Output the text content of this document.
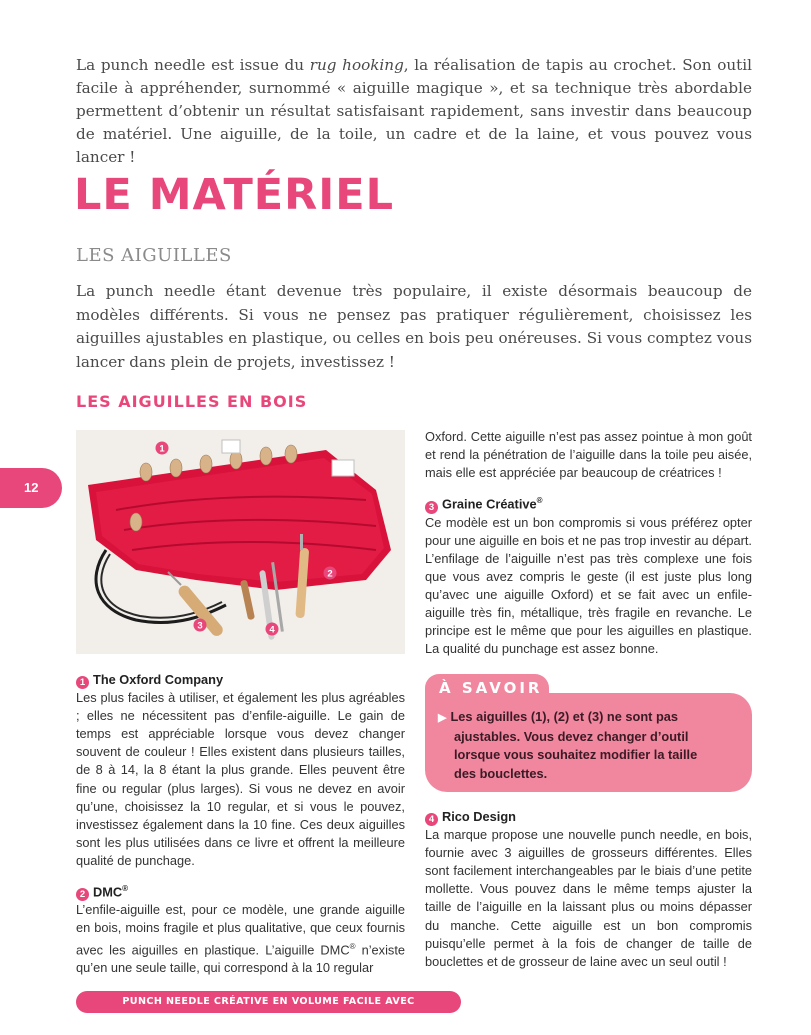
La punch needle est issue du rug hooking, la réalisation de tapis au crochet. Son outil facile à appréhender, surnommé « aiguille magique », et sa technique très abordable permettent d’obtenir un résultat satisfaisant rapidement, sans investir dans beaucoup de matériel. Une aiguille, de la toile, un cadre et de la laine, et vous pouvez vous lancer !

LE MATÉRIEL
LES AIGUILLES

La punch needle étant devenue très populaire, il existe désormais beaucoup de modèles différents. Si vous ne pensez pas pratiquer régulièrement, choisissez les aiguilles ajustables en plastique, ou celles en bois peu onéreuses. Si vous comptez vous lancer dans plein de projets, investissez !

LES AIGUILLES EN BOIS
12
1
2
3	4

1 The Oxford Company

Les plus faciles à utiliser, et également les plus agréables ; elles ne nécessitent pas d’enfile-aiguille. Le gain de temps est appréciable lorsque vous devez changer souvent de couleur ! Elles existent dans plusieurs tailles, de 8 à 14, la 8 étant la plus grande. Elles peuvent être fine ou regular (plus larges). Si vous ne devez en avoir qu’une, choisissez la 10 regular, et si vous le pouvez, investissez également dans la 10 fine. Ces deux aiguilles sont les plus utilisées dans ce livre et offrent la meilleure qualité de punchage.

2 DMC®

L’enfile-aiguille est, pour ce modèle, une grande aiguille en bois, moins fragile et plus qualitative, que ceux fournis avec les aiguilles en plastique. L’aiguille DMC® n’existe qu’en une seule taille, qui correspond à la 10 regular

Oxford. Cette aiguille n’est pas assez pointue à mon goût et rend la pénétration de l’aiguille dans la toile peu aisée, mais elle est appréciée par beaucoup de créatrices !

3 Graine Créative®

Ce modèle est un bon compromis si vous préférez opter pour une aiguille en bois et ne pas trop investir au départ. L’enfilage de l’aiguille n’est pas très complexe une fois que vous avez compris le geste (il est juste plus long qu’avec une aiguille Oxford) et se fait avec un enfile-aiguille très fin, métallique, très fragile en revanche. Le principe est le même que pour les aiguilles en plastique. La qualité du punchage est assez bonne.

À SAVOIR
▶ Les aiguilles (1), (2) et (3) ne sont pas
ajustables. Vous devez changer d’outil
lorsque vous souhaitez modifier la taille
des bouclettes.

4 Rico Design

La marque propose une nouvelle punch needle, en bois, fournie avec 3 aiguilles de grosseurs différentes. Elles sont facilement interchangeables par le biais d’une petite mollette. Vous pouvez dans le même temps ajuster la taille de l’aiguille en la laissant plus ou moins dépasser du manche. Cette aiguille est un bon compromis puisqu’elle permet à la fois de changer de taille de bouclettes et de grosseur de laine avec un seul outil !

PUNCH NEEDLE CRÉATIVE EN VOLUME FACILE AVEC CREAPASSIONS.COM
